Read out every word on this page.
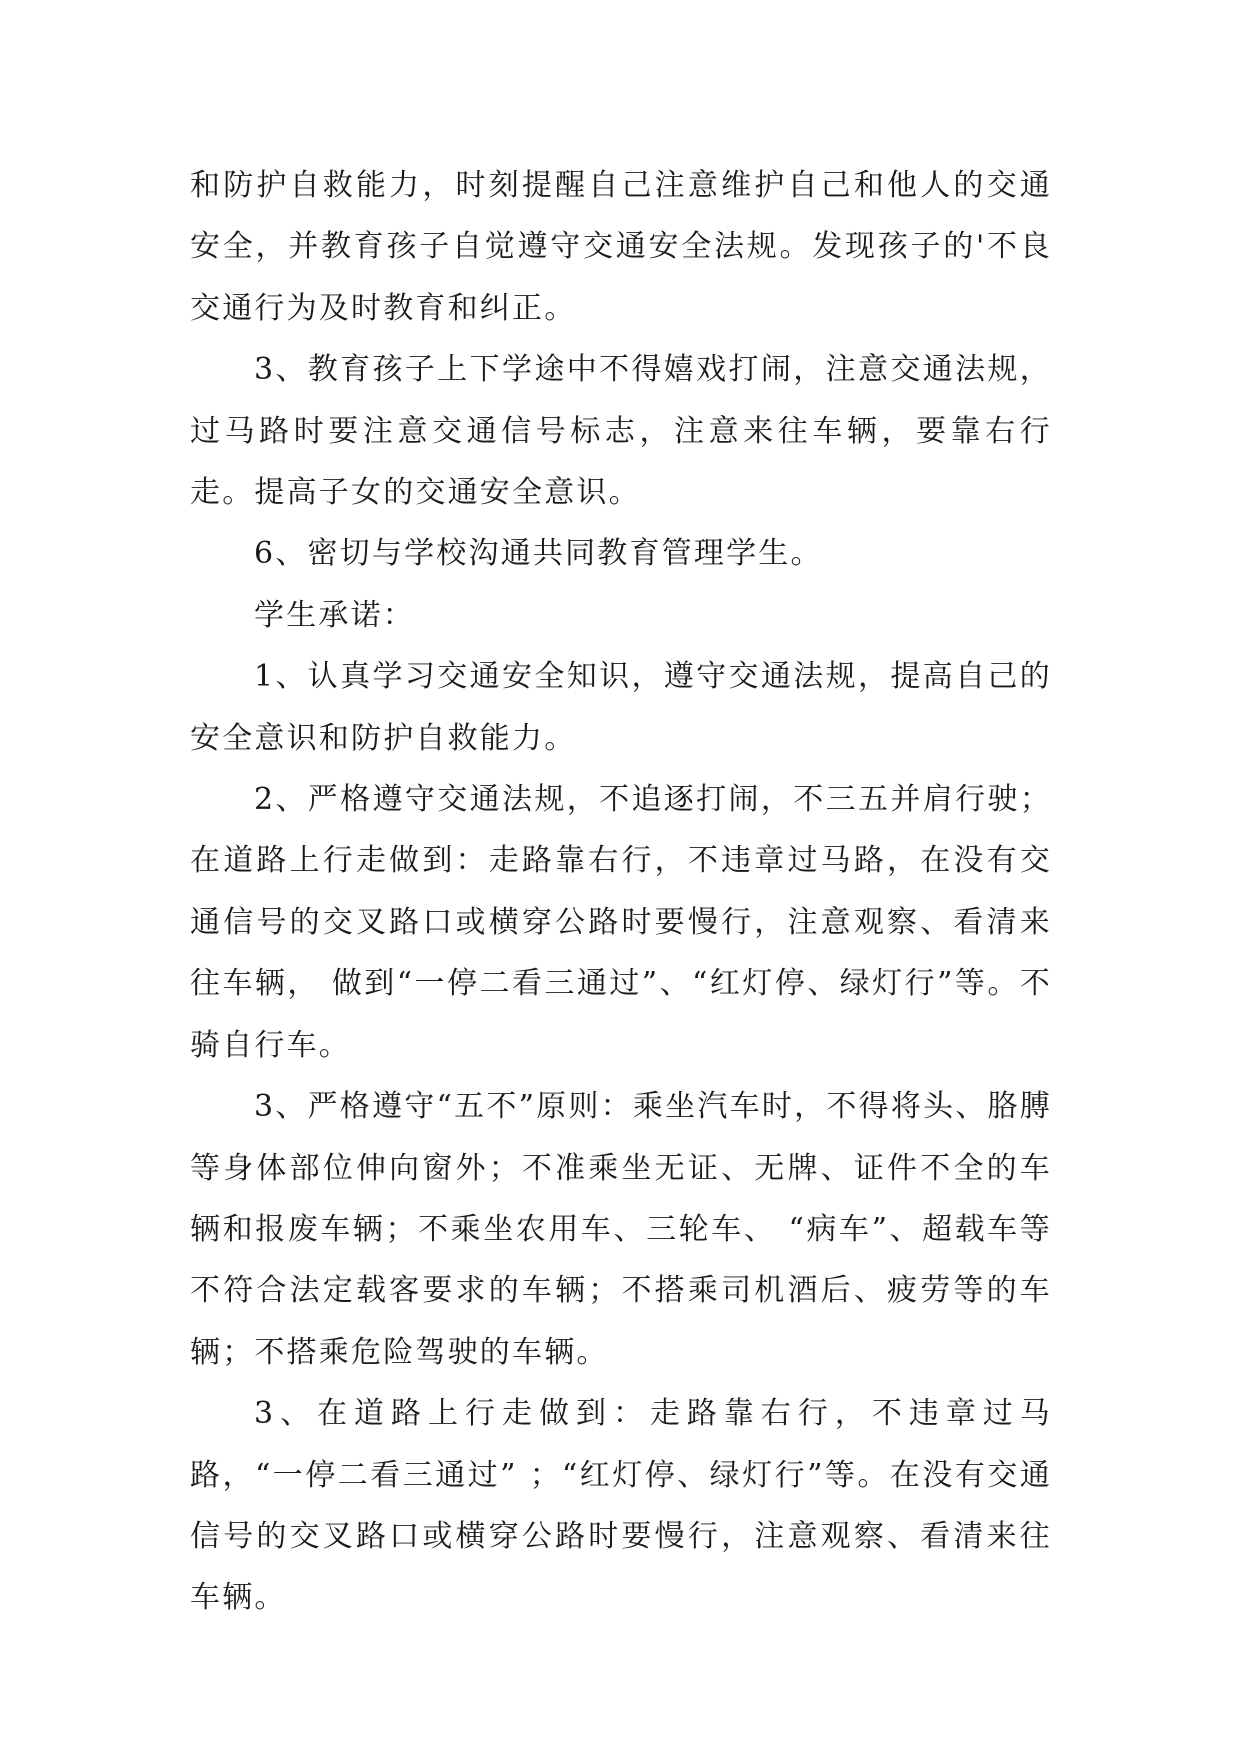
和防护自救能力，时刻提醒自己注意维护自己和他人的交通安全，并教育孩子自觉遵守交通安全法规。发现孩子的'不良交通行为及时教育和纠正。

3、教育孩子上下学途中不得嬉戏打闹，注意交通法规，过马路时要注意交通信号标志，注意来往车辆，要靠右行走。提高子女的交通安全意识。

6、密切与学校沟通共同教育管理学生。

学生承诺：

1、认真学习交通安全知识，遵守交通法规，提高自己的安全意识和防护自救能力。

2、严格遵守交通法规，不追逐打闹，不三五并肩行驶；在道路上行走做到：走路靠右行，不违章过马路，在没有交通信号的交叉路口或横穿公路时要慢行，注意观察、看清来往车辆， 做到“一停二看三通过”、“红灯停、绿灯行”等。不骑自行车。

3、严格遵守“五不”原则：乘坐汽车时，不得将头、胳膊等身体部位伸向窗外；不准乘坐无证、无牌、证件不全的车辆和报废车辆；不乘坐农用车、三轮车、 “病车”、超载车等不符合法定载客要求的车辆；不搭乘司机酒后、疲劳等的车辆；不搭乘危险驾驶的车辆。

3、在道路上行走做到：走路靠右行，不违章过马路，“一停二看三通过” ；“红灯停、绿灯行”等。在没有交通信号的交叉路口或横穿公路时要慢行，注意观察、看清来往车辆。
